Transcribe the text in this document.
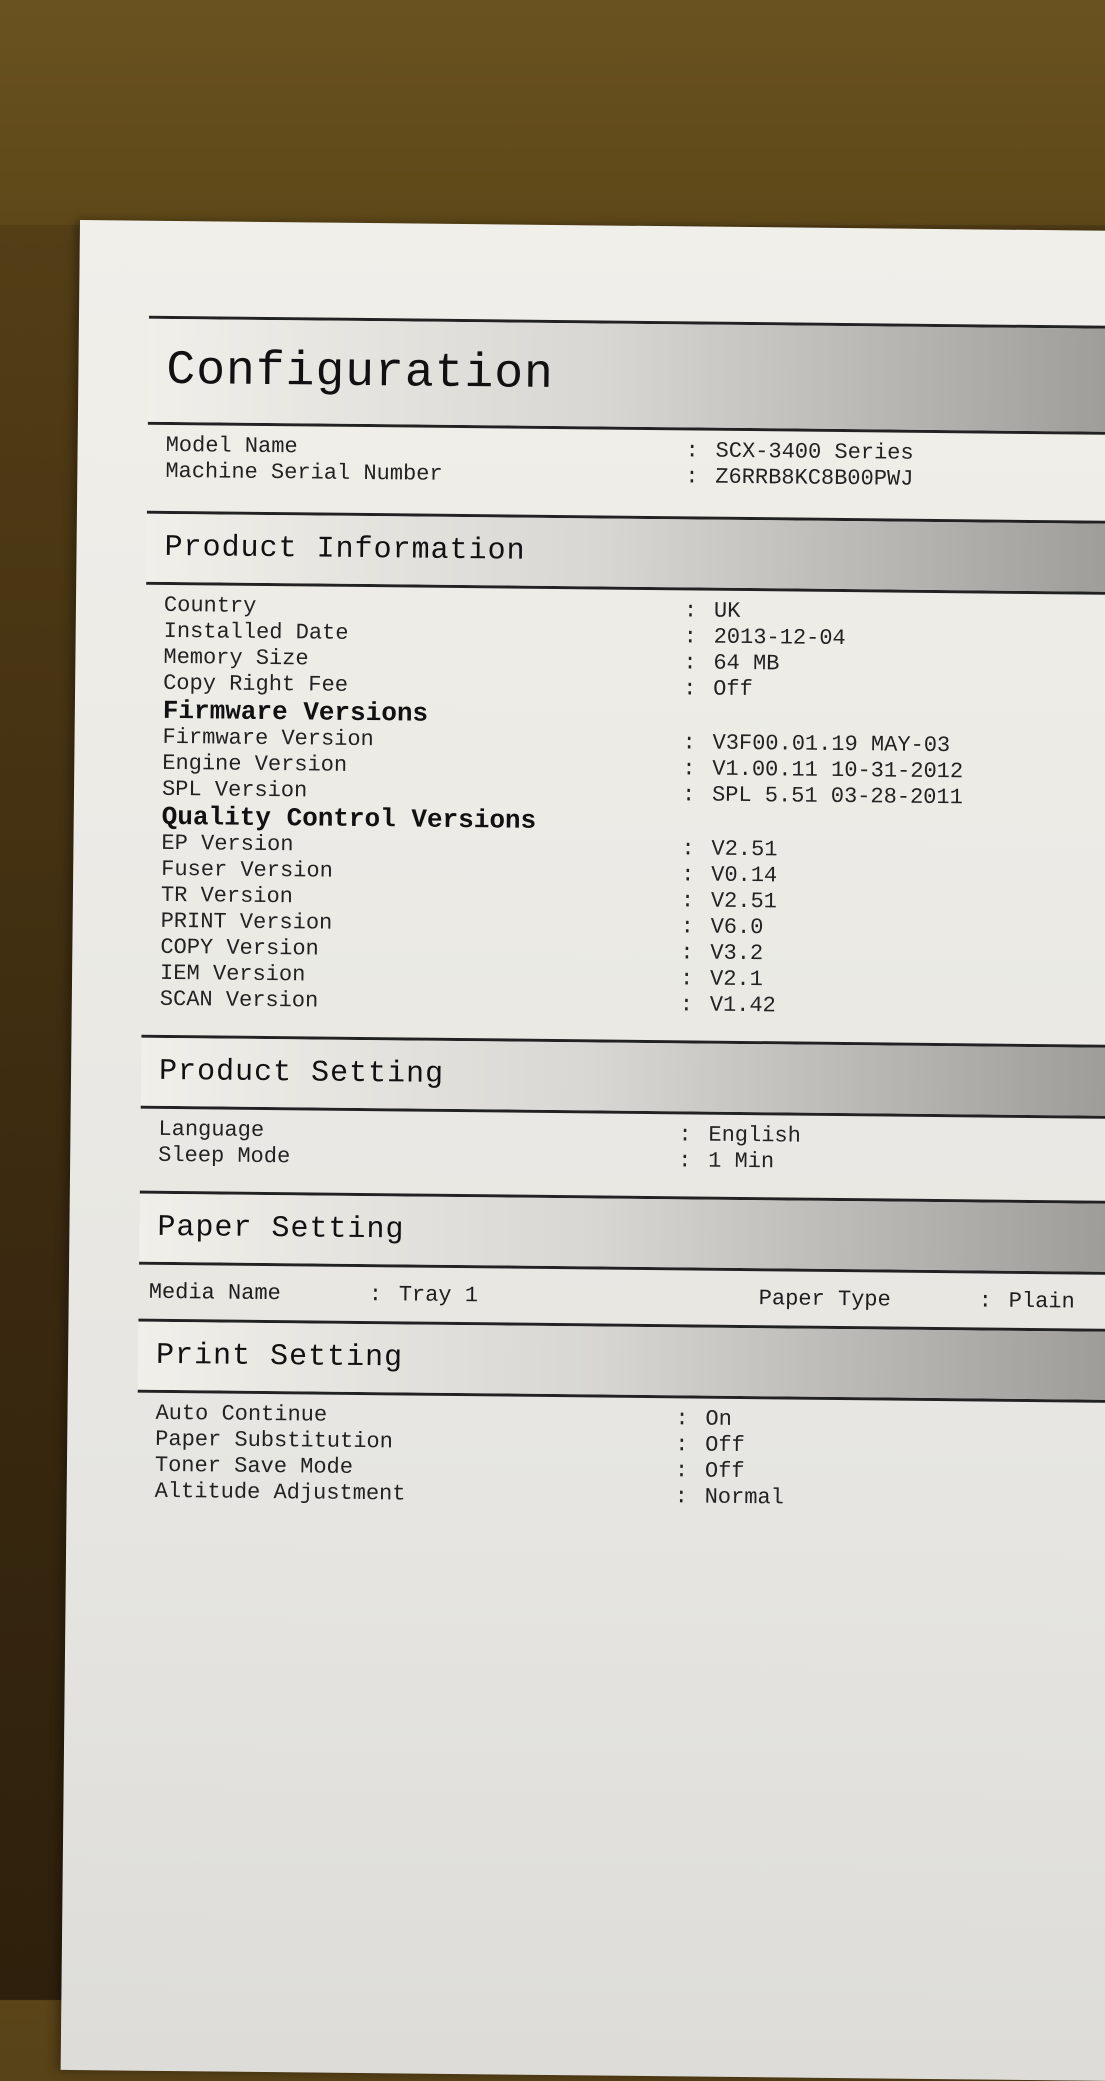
Configuration
Model Name	: SCX-3400 Series
Machine Serial Number	: Z6RRB8KC8B00PWJ
Product Information
Country	: UK
Installed Date	: 2013-12-04
Memory Size	: 64 MB
Copy Right Fee	: Off
Firmware Versions
Firmware Version	: V3F00.01.19 MAY-03
Engine Version	: V1.00.11 10-31-2012
SPL Version	: SPL 5.51 03-28-2011
Quality Control Versions
EP Version	: V2.51
Fuser Version	: V0.14
TR Version	: V2.51
PRINT Version	: V6.0
COPY Version	: V3.2
IEM Version	: V2.1
SCAN Version	: V1.42
Product Setting
Language	: English
Sleep Mode	: 1 Min
Paper Setting
Media Name	: Tray 1	Paper Type	: Plain
Print Setting
Auto Continue	: On
Paper Substitution	: Off
Toner Save Mode	: Off
Altitude Adjustment	: Normal
